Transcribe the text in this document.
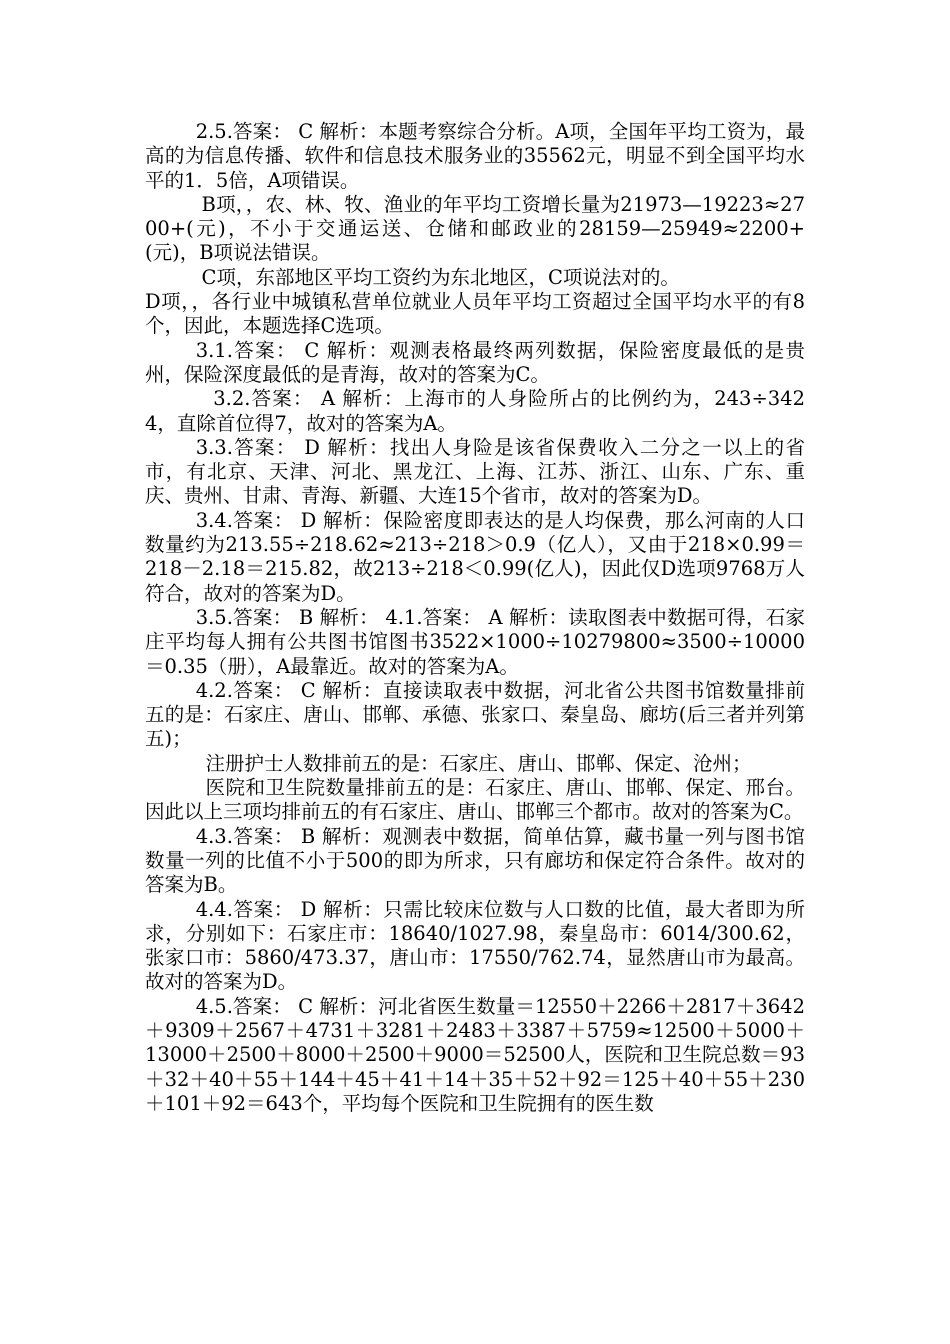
2.5.答案： C 解析：本题考察综合分析。A项，全国年平均工资为，最高的为信息传播、软件和信息技术服务业的35562元，明显不到全国平均水平的1．5倍，A项错误。

B项，，农、林、牧、渔业的年平均工资增长量为21973—19223≈2700+(元)，不小于交通运送、仓储和邮政业的28159—25949≈2200+(元)，B项说法错误。

C项，东部地区平均工资约为东北地区，C项说法对的。

D项，，各行业中城镇私营单位就业人员年平均工资超过全国平均水平的有8个，因此，本题选择C选项。

3.1.答案： C 解析：观测表格最终两列数据，保险密度最低的是贵州，保险深度最低的是青海，故对的答案为C。

3.2.答案： A 解析：上海市的人身险所占的比例约为，243÷3424，直除首位得7，故对的答案为A。

3.3.答案： D 解析：找出人身险是该省保费收入二分之一以上的省市，有北京、天津、河北、黑龙江、上海、江苏、浙江、山东、广东、重庆、贵州、甘肃、青海、新疆、大连15个省市，故对的答案为D。

3.4.答案： D 解析：保险密度即表达的是人均保费，那么河南的人口数量约为213.55÷218.62≈213÷218＞0.9（亿人），又由于218×0.99＝218－2.18＝215.82，故213÷218＜0.99(亿人)，因此仅D选项9768万人符合，故对的答案为D。

3.5.答案： B 解析： 4.1.答案： A 解析：读取图表中数据可得，石家庄平均每人拥有公共图书馆图书3522×1000÷10279800≈3500÷10000＝0.35（册），A最靠近。故对的答案为A。

4.2.答案： C 解析：直接读取表中数据，河北省公共图书馆数量排前五的是：石家庄、唐山、邯郸、承德、张家口、秦皇岛、廊坊(后三者并列第五)；

注册护士人数排前五的是：石家庄、唐山、邯郸、保定、沧州；

医院和卫生院数量排前五的是：石家庄、唐山、邯郸、保定、邢台。因此以上三项均排前五的有石家庄、唐山、邯郸三个都市。故对的答案为C。

4.3.答案： B 解析：观测表中数据，简单估算，藏书量一列与图书馆数量一列的比值不小于500的即为所求，只有廊坊和保定符合条件。故对的答案为B。

4.4.答案： D 解析：只需比较床位数与人口数的比值，最大者即为所求，分别如下：石家庄市：18640/1027.98，秦皇岛市：6014/300.62，张家口市：5860/473.37，唐山市：17550/762.74，显然唐山市为最高。故对的答案为D。

4.5.答案： C 解析：河北省医生数量＝12550＋2266＋2817＋3642＋9309＋2567＋4731＋3281＋2483＋3387＋5759≈12500＋5000＋13000＋2500＋8000＋2500＋9000＝52500人，医院和卫生院总数＝93＋32＋40＋55＋144＋45＋41＋14＋35＋52＋92＝125＋40＋55＋230＋101＋92＝643个，平均每个医院和卫生院拥有的医生数
